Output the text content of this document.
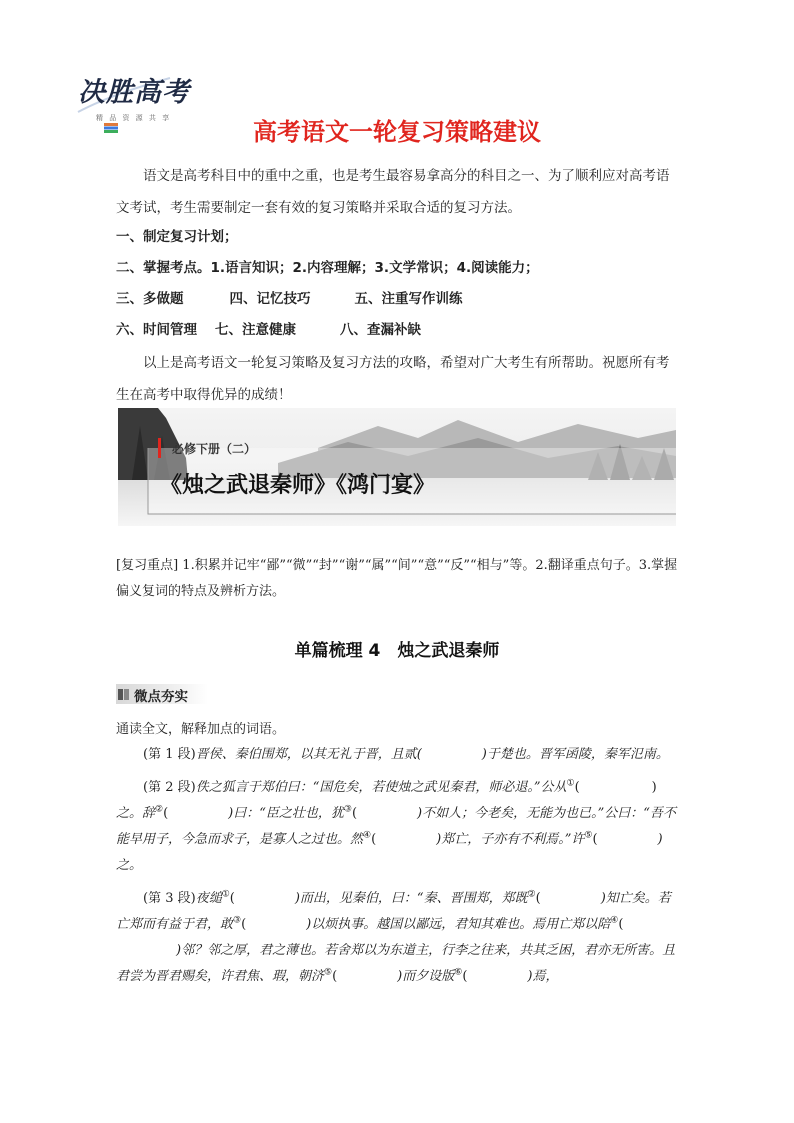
决胜高考
精 品 资 源 共 享	高考语文一轮复习策略建议
语文是高考科目中的重中之重，也是考生最容易拿高分的科目之一、为了顺利应对高考语文考试，考生需要制定一套有效的复习策略并采取合适的复习方法。
一、制定复习计划；
二、掌握考点。1.语言知识；2.内容理解；3.文学常识；4.阅读能力；
三、多做题	四、记忆技巧	五、注重写作训练
六、时间管理 七、注意健康	八、查漏补缺
以上是高考语文一轮复习策略及复习方法的攻略，希望对广大考生有所帮助。祝愿所有考生在高考中取得优异的成绩！
必修下册（二）
《烛之武退秦师》《鸿门宴》
[复习重点] 1.积累并记牢“鄙”“微”“封”“谢”“属”“间”“意”“反”“相与”等。2.翻译重点句子。3.掌握偏义复词的特点及辨析方法。
单篇梳理 4　烛之武退秦师
微点夯实
通读全文，解释加点的词语。

(第 1 段)晋侯、秦伯围郑，以其无礼于晋，且贰(	)于楚也。晋军函陵，秦军氾南。

(第 2 段)佚之狐言于郑伯曰：“国危矣，若使烛之武见秦君，师必退。”公从①(	)之。辞②(	)曰：“臣之壮也，犹③(	)不如人；今老矣，无能为也已。”公曰：“吾不能早用子，今急而求子，是寡人之过也。然④(	)郑亡，子亦有不利焉。”许⑤(	)之。

(第 3 段)夜缒①(	)而出，见秦伯，曰：“秦、晋围郑，郑既②(	)知亡矣。若亡郑而有益于君，敢③(	)以烦执事。越国以鄙远，君知其难也。焉用亡郑以陪④()邻？邻之厚，君之薄也。若舍郑以为东道主，行李之往来，共其乏困，君亦无所害。且君尝为晋君赐矣，许君焦、瑕，朝济⑤(	)而夕设版⑥(	)焉，
